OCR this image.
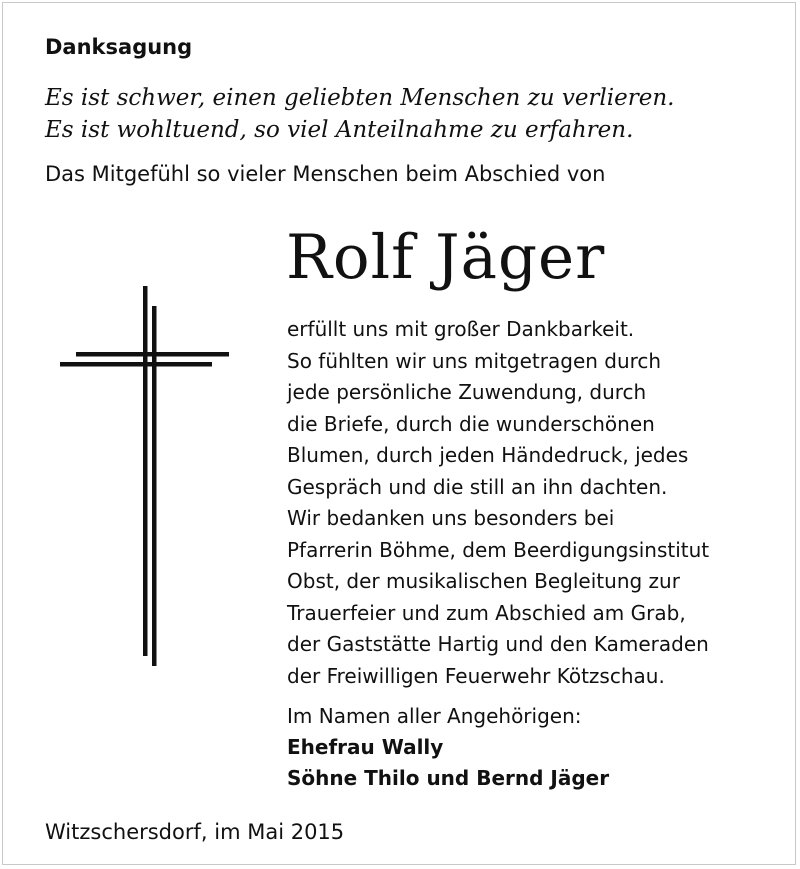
Danksagung
Es ist schwer, einen geliebten Menschen zu verlieren.
Es ist wohltuend, so viel Anteilnahme zu erfahren.
Das Mitgefühl so vieler Menschen beim Abschied von
Rolf Jäger
erfüllt uns mit großer Dankbarkeit.
So fühlten wir uns mitgetragen durch
jede persönliche Zuwendung, durch
die Briefe, durch die wunderschönen
Blumen, durch jeden Händedruck, jedes
Gespräch und die still an ihn dachten.
Wir bedanken uns besonders bei
Pfarrerin Böhme, dem Beerdigungsinstitut
Obst, der musikalischen Begleitung zur
Trauerfeier und zum Abschied am Grab,
der Gaststätte Hartig und den Kameraden
der Freiwilligen Feuerwehr Kötzschau.
Im Namen aller Angehörigen:
Ehefrau Wally
Söhne Thilo und Bernd Jäger
Witzschersdorf, im Mai 2015
